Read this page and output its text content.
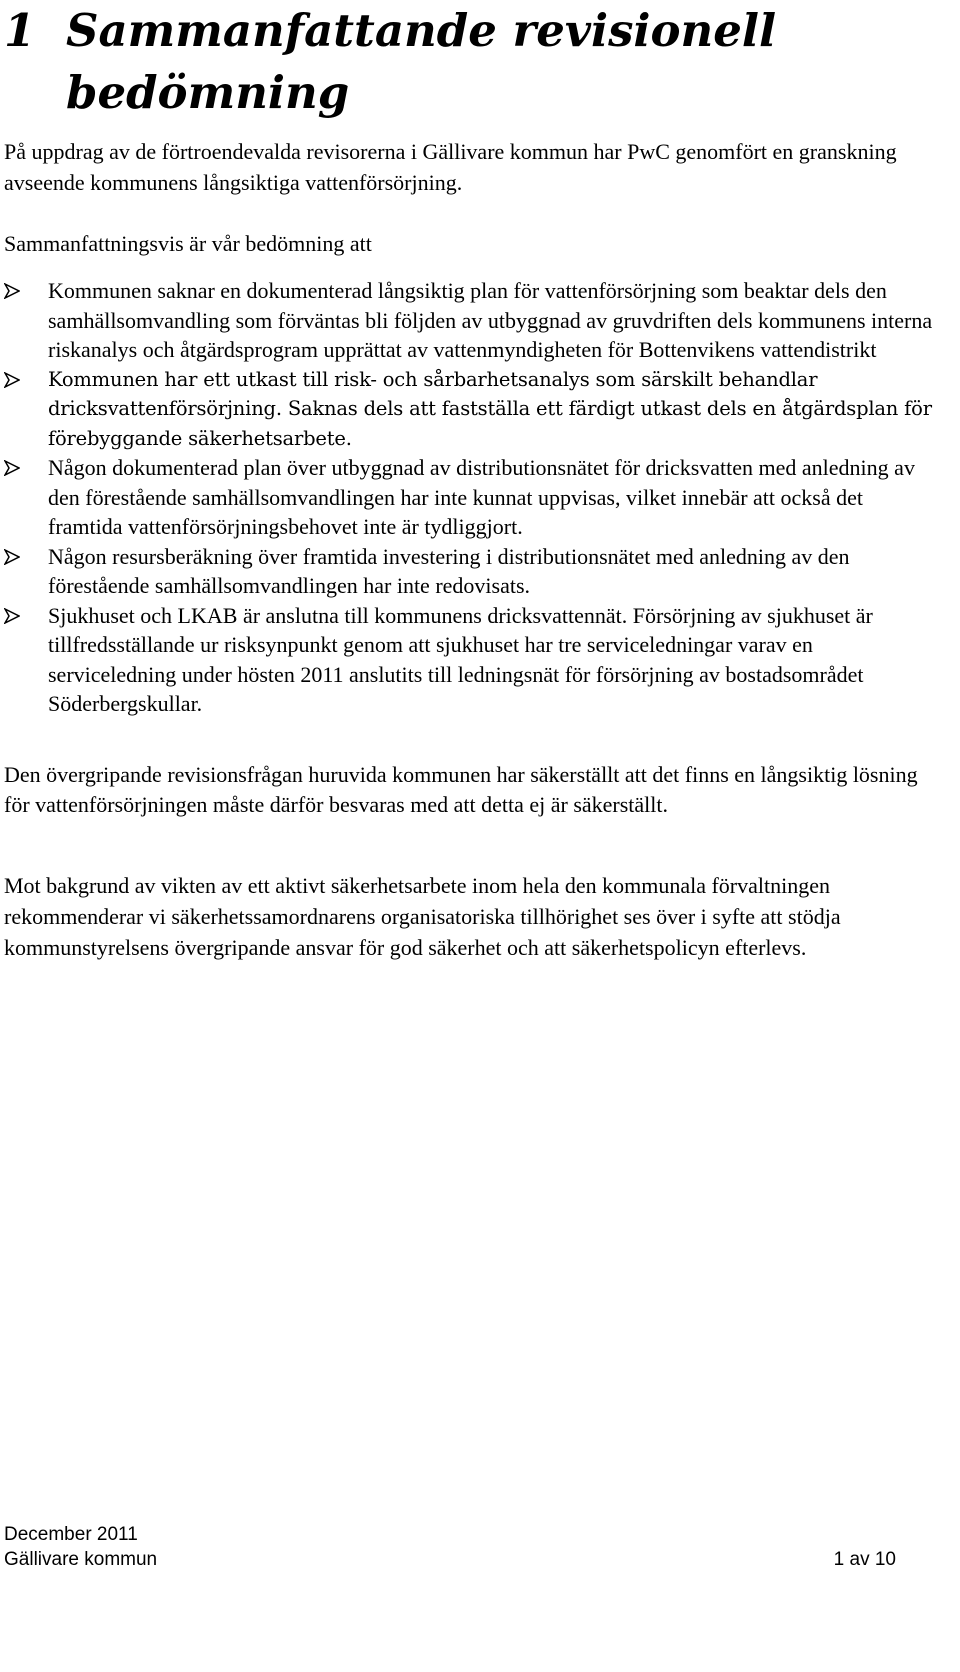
1 Sammanfattande revisionell bedömning

På uppdrag av de förtroendevalda revisorerna i Gällivare kommun har PwC genomfört en granskning avseende kommunens långsiktiga vattenförsörjning.

Sammanfattningsvis är vår bedömning att

Kommunen saknar en dokumenterad långsiktig plan för vattenförsörjning som beaktar dels den samhällsomvandling som förväntas bli följden av utbyggnad av gruvdriften dels kommunens interna riskanalys och åtgärdsprogram upprättat av vattenmyndigheten för Bottenvikens vattendistrikt
Kommunen har ett utkast till risk- och sårbarhetsanalys som särskilt behandlar dricksvattenförsörjning. Saknas dels att fastställa ett färdigt utkast dels en åtgärdsplan för förebyggande säkerhetsarbete.
Någon dokumenterad plan över utbyggnad av distributionsnätet för dricksvatten med anledning av den förestående samhällsomvandlingen har inte kunnat uppvisas, vilket innebär att också det framtida vattenförsörjningsbehovet inte är tydliggjort.
Någon resursberäkning över framtida investering i distributionsnätet med anledning av den förestående samhällsomvandlingen har inte redovisats.
Sjukhuset och LKAB är anslutna till kommunens dricksvattennät. Försörjning av sjukhuset är tillfredsställande ur risksynpunkt genom att sjukhuset har tre serviceledningar varav en serviceledning under hösten 2011 anslutits till ledningsnät för försörjning av bostadsområdet Söderbergskullar.

Den övergripande revisionsfrågan huruvida kommunen har säkerställt att det finns en långsiktig lösning för vattenförsörjningen måste därför besvaras med att detta ej är säkerställt.

Mot bakgrund av vikten av ett aktivt säkerhetsarbete inom hela den kommunala förvaltningen rekommenderar vi säkerhetssamordnarens organisatoriska tillhörighet ses över i syfte att stödja kommunstyrelsens övergripande ansvar för god säkerhet och att säkerhetspolicyn efterlevs.

December 2011
Gällivare kommun	1 av 10
